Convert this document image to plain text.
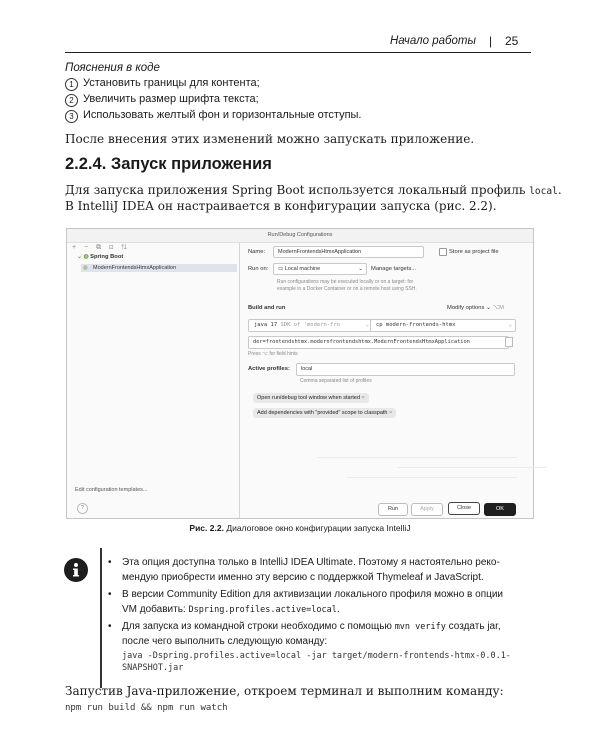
Начало работы | 25
Пояснения в коде
1 Установить границы для контента;
2 Увеличить размер шрифта текста;
3 Использовать желтый фон и горизонтальные отступы.
После внесения этих изменений можно запускать приложение.
2.2.4. Запуск приложения
Для запуска приложения Spring Boot используется локальный профиль local.
В IntelliJ IDEA он настраивается в конфигурации запуска (рис. 2.2).
Run/Debug Configurations
+ − ⧉ ⊡ ⇅
⌄ ◍ Spring Boot
◍ ModernFrontendsHtmxApplication
Edit configuration templates...
?
Name:	ModernFrontendsHtmxApplication	Store as project file
Run on:	▭ Local machine	⌄ Manage targets...
Run configurations may be executed locally or on a target: for
example in a Docker Container or on a remote host using SSH.
Build and run	Modify options ⌄ ⌥M
java 17 SDK of 'modern-fro	⌄	cp modern-frontends-htmx	⌄
der=frontendshtmx.modernfrontendshtmx.ModernFrontendsHtmxApplication
Press ⌥ for field hints
Active profiles:	local
Comma separated list of profiles
Open run/debug tool window when started ×
Add dependencies with "provided" scope to classpath ×
Run	Apply	Close	OK
Рис. 2.2. Диалоговое окно конфигурации запуска IntelliJ
• Эта опция доступна только в IntelliJ IDEA Ultimate. Поэтому я настоятельно реко-
мендую приобрести именно эту версию с поддержкой Thymeleaf и JavaScript.
• В версии Community Edition для активизации локального профиля можно в опции
VM добавить: Dspring.profiles.active=local.
• Для запуска из командной строки необходимо с помощью mvn verify создать jar,
после чего выполнить следующую команду:
java -Dspring.profiles.active=local -jar target/modern-frontends-htmx-0.0.1-
SNAPSHOT.jar
Запустив Java-приложение, откроем терминал и выполним команду:
npm run build && npm run watch
